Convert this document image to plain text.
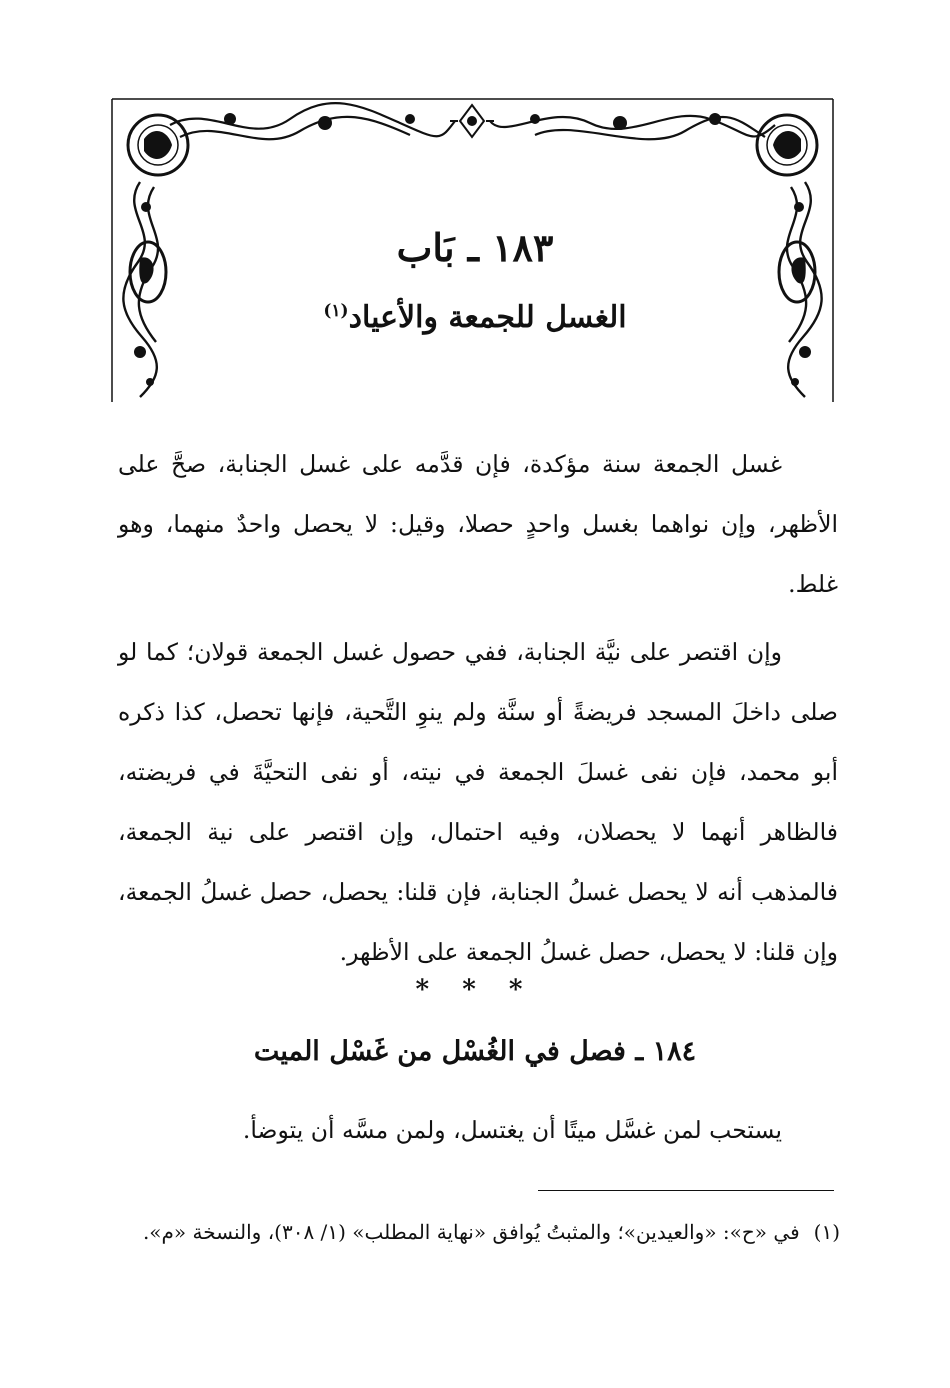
١٨٣ ـ بَاب
الغسل للجمعة والأعياد$^{(١)}$
غسل الجمعة سنة مؤكدة، فإن قدَّمه على غسل الجنابة، صحَّ على الأظهر، وإن نواهما بغسل واحدٍ حصلا، وقيل: لا يحصل واحدٌ منهما، وهو غلط.
وإن اقتصر على نيَّة الجنابة، ففي حصول غسل الجمعة قولان؛ كما لو صلى داخلَ المسجد فريضةً أو سنَّة ولم ينوِ التَّحية، فإنها تحصل، كذا ذكره أبو محمد، فإن نفى غسلَ الجمعة في نيته، أو نفى التحيَّةَ في فريضته، فالظاهر أنهما لا يحصلان، وفيه احتمال، وإن اقتصر على نية الجمعة، فالمذهب أنه لا يحصل غسلُ الجنابة، فإن قلنا: يحصل، حصل غسلُ الجمعة، وإن قلنا: لا يحصل، حصل غسلُ الجمعة على الأظهر.
* * *
١٨٤ ـ فصل في الغُسْل من غَسْل الميت
يستحب لمن غسَّل ميتًا أن يغتسل، ولمن مسَّه أن يتوضأ.
(١)في «ح»: «والعيدين»؛ والمثبتُ يُوافق «نهاية المطلب» (١/ ٣٠٨)، والنسخة «م».
